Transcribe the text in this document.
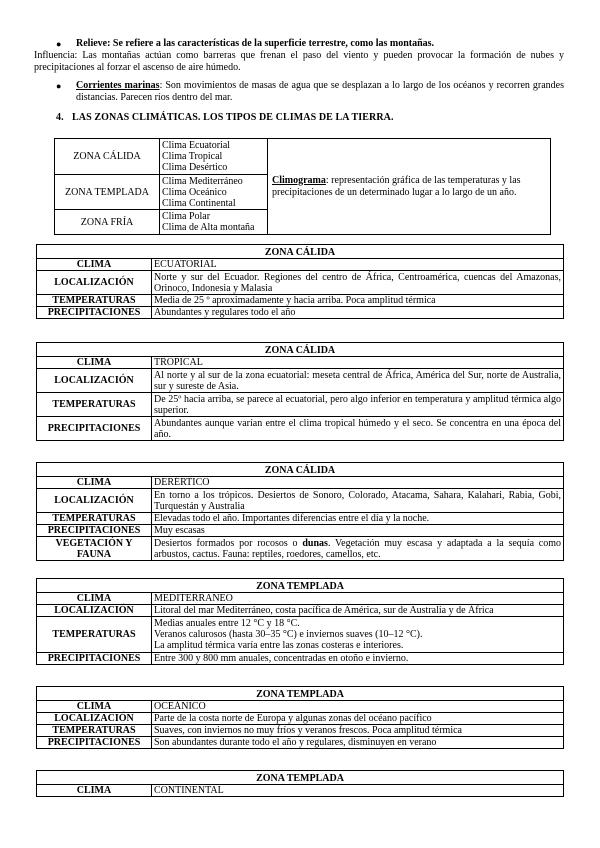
●	Relieve: Se refiere a las características de la superficie terrestre, como las montañas.
Influencia: Las montañas actúan como barreras que frenan el paso del viento y pueden provocar la formación de nubes y precipitaciones al forzar el ascenso de aire húmedo.
●	Corrientes marinas: Son movimientos de masas de agua que se desplazan a lo largo de los océanos y recorren grandes distancias. Parecen ríos dentro del mar.
4. LAS ZONAS CLIMÁTICAS. LOS TIPOS DE CLIMAS DE LA TIERRA.
ZONA CÁLIDA	Clima Ecuatorial
Clima Tropical
Clima Desértico	Climograma: representación gráfica de las temperaturas y las precipitaciones de un determinado lugar a lo largo de un año.
ZONA TEMPLADA	Clima Mediterráneo
Clima Oceánico
Clima Continental	

ZONA FRÍA	Clima Polar
Clima de Alta montaña	
ZONA CÁLIDA	
CLIMA	ECUATORIAL
LOCALIZACIÓN	Norte y sur del Ecuador. Regiones del centro de África, Centroamérica, cuencas del Amazonas, Orinoco, Indonesia y Malasia
TEMPERATURAS	Media de 25 º aproximadamente y hacia arriba. Poca amplitud térmica
PRECIPITACIONES	Abundantes y regulares todo el año
ZONA CÁLIDA	
CLIMA	TROPICAL
LOCALIZACIÓN	Al norte y al sur de la zona ecuatorial: meseta central de África, América del Sur, norte de Australia, sur y sureste de Asia.
TEMPERATURAS	De 25º hacia arriba, se parece al ecuatorial, pero algo inferior en temperatura y amplitud térmica algo superior.
PRECIPITACIONES	Abundantes aunque varían entre el clima tropical húmedo y el seco. Se concentra en una época del año.
ZONA CÁLIDA	
CLIMA	DERÉRTICO
LOCALIZACIÓN	En torno a los trópicos. Desiertos de Sonoro, Colorado, Atacama, Sahara, Kalahari, Rabia, Gobi, Turquestán y Australia
TEMPERATURAS	Elevadas todo el año. Importantes diferencias entre el día y la noche.
PRECIPITACIONES	Muy escasas
VEGETACIÓN Y FAUNA	Desiertos formados por rocosos o dunas. Vegetación muy escasa y adaptada a la sequía como arbustos, cactus. Fauna: reptiles, roedores, camellos, etc.
ZONA TEMPLADA	
CLIMA	MEDITERRANEO
LOCALIZACIÓN	Litoral del mar Mediterráneo, costa pacífica de América, sur de Australia y de África
TEMPERATURAS	Medias anuales entre 12 °C y 18 °C.
Veranos calurosos (hasta 30–35 °C) e inviernos suaves (10–12 °C).
La amplitud térmica varía entre las zonas costeras e interiores.

PRECIPITACIONES	Entre 300 y 800 mm anuales, concentradas en otoño e invierno.
ZONA TEMPLADA	
CLIMA	OCEÁNICO
LOCALIZACIÓN	Parte de la costa norte de Europa y algunas zonas del océano pacífico
TEMPERATURAS	Suaves, con inviernos no muy fríos y veranos frescos. Poca amplitud térmica
PRECIPITACIONES	Son abundantes durante todo el año y regulares, disminuyen en verano
ZONA TEMPLADA
CLIMA	CONTINENTAL
